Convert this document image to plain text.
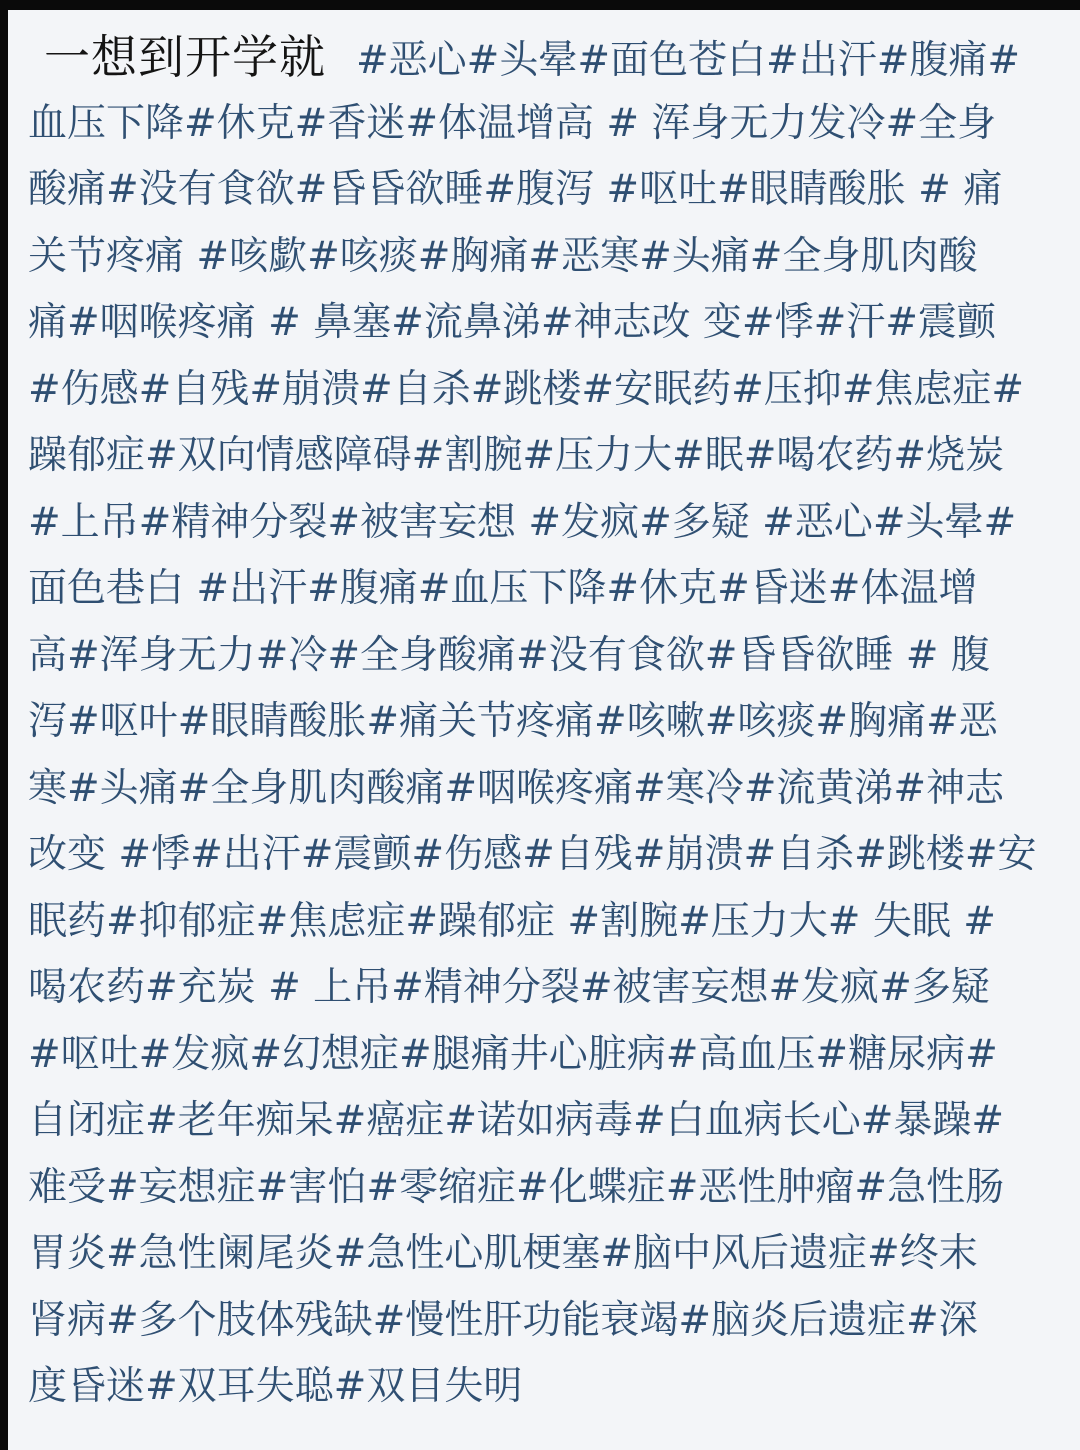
一想到开学就 #恶心#头晕#面色苍白#出汗#腹痛#
血压下降#休克#香迷#体温增高 # 浑身无力发冷#全身
酸痛#没有食欲#昏昏欲睡#腹泻 #呕吐#眼睛酸胀 # 痛
关节疼痛 #咳歔#咳痰#胸痛#恶寒#头痛#全身肌肉酸
痛#咽喉疼痛 # 鼻塞#流鼻涕#神志改 变#悸#汗#震颤
#伤感#自残#崩溃#自杀#跳楼#安眠药#压抑#焦虑症#
躁郁症#双向情感障碍#割腕#压力大#眠#喝农药#烧炭
#上吊#精神分裂#被害妄想 #发疯#多疑 #恶心#头晕#
面色巷白 #出汗#腹痛#血压下降#休克#昏迷#体温增
高#浑身无力#冷#全身酸痛#没有食欲#昏昏欲睡 # 腹
泻#呕叶#眼睛酸胀#痛关节疼痛#咳嗽#咳痰#胸痛#恶
寒#头痛#全身肌肉酸痛#咽喉疼痛#寒冷#流黄涕#神志
改变 #悸#出汗#震颤#伤感#自残#崩溃#自杀#跳楼#安
眠药#抑郁症#焦虑症#躁郁症 #割腕#压力大# 失眠 #
喝农药#充炭 # 上吊#精神分裂#被害妄想#发疯#多疑
#呕吐#发疯#幻想症#腿痛井心脏病#高血压#糖尿病#
自闭症#老年痴呆#癌症#诺如病毒#白血病长心#暴躁#
难受#妄想症#害怕#零缩症#化蝶症#恶性肿瘤#急性肠
胃炎#急性阑尾炎#急性心肌梗塞#脑中风后遗症#终末
肾病#多个肢体残缺#慢性肝功能衰竭#脑炎后遗症#深
度昏迷#双耳失聪#双目失明
